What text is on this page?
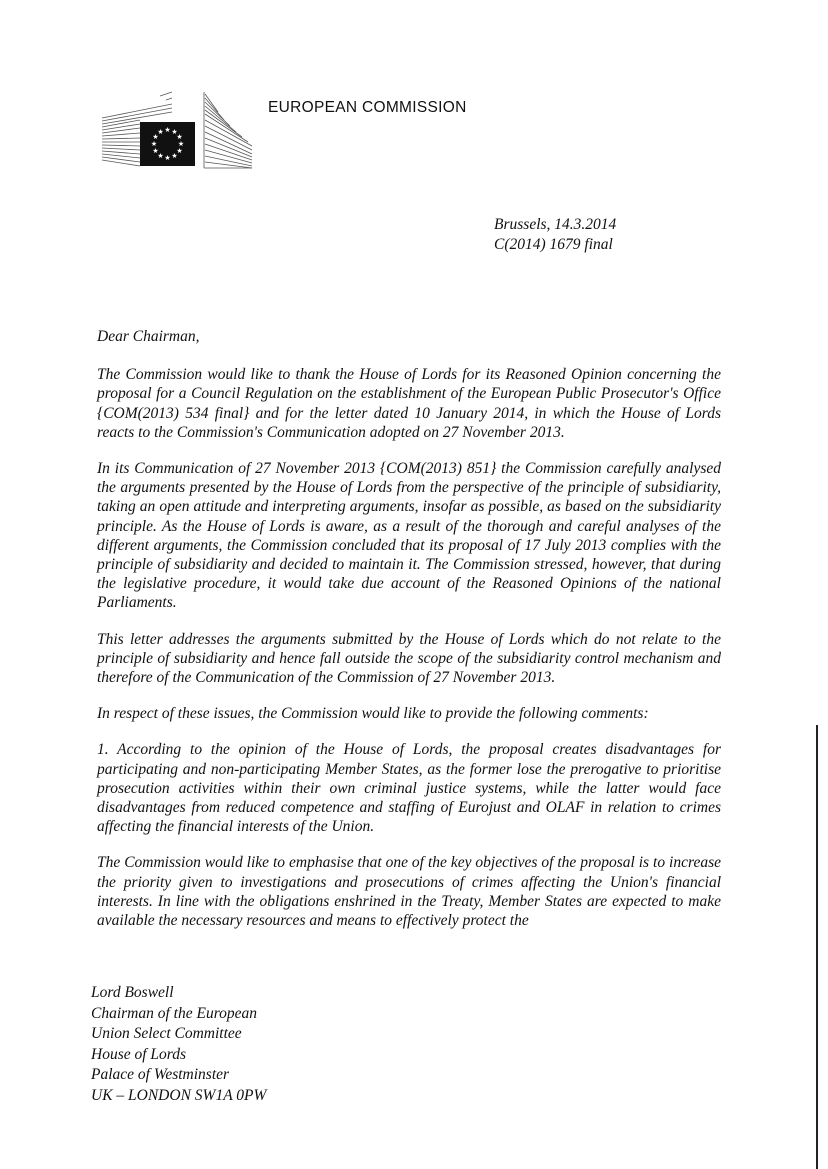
★ ★
★
★
★
★
★
★
★
★
★
★
EUROPEAN COMMISSION
Brussels, 14.3.2014
C(2014) 1679 final

Dear Chairman,

The Commission would like to thank the House of Lords for its Reasoned Opinion concerning the proposal for a Council Regulation on the establishment of the European Public Prosecutor's Office {COM(2013) 534 final} and for the letter dated 10 January 2014, in which the House of Lords reacts to the Commission's Communication adopted on 27 November 2013.

In its Communication of 27 November 2013 {COM(2013) 851} the Commission carefully analysed the arguments presented by the House of Lords from the perspective of the principle of subsidiarity, taking an open attitude and interpreting arguments, insofar as possible, as based on the subsidiarity principle. As the House of Lords is aware, as a result of the thorough and careful analyses of the different arguments, the Commission concluded that its proposal of 17 July 2013 complies with the principle of subsidiarity and decided to maintain it. The Commission stressed, however, that during the legislative procedure, it would take due account of the Reasoned Opinions of the national Parliaments.

This letter addresses the arguments submitted by the House of Lords which do not relate to the principle of subsidiarity and hence fall outside the scope of the subsidiarity control mechanism and therefore of the Communication of the Commission of 27 November 2013.

In respect of these issues, the Commission would like to provide the following comments:

1. According to the opinion of the House of Lords, the proposal creates disadvantages for participating and non-participating Member States, as the former lose the prerogative to prioritise prosecution activities within their own criminal justice systems, while the latter would face disadvantages from reduced competence and staffing of Eurojust and OLAF in relation to crimes affecting the financial interests of the Union.

The Commission would like to emphasise that one of the key objectives of the proposal is to increase the priority given to investigations and prosecutions of crimes affecting the Union's financial interests. In line with the obligations enshrined in the Treaty, Member States are expected to make available the necessary resources and means to effectively protect the

Lord Boswell
Chairman of the European
Union Select Committee
House of Lords
Palace of Westminster
UK – LONDON SW1A 0PW
